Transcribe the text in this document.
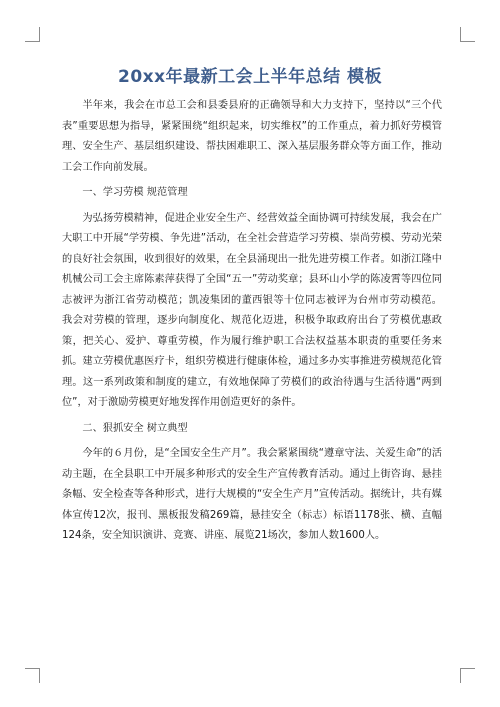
20xx年最新工会上半年总结 模板

半年来，我会在市总工会和县委县府的正确领导和大力支持下，坚持以“三个代表”重要思想为指导，紧紧围绕“组织起来，切实维权”的工作重点，着力抓好劳模管理、安全生产、基层组织建设、帮扶困难职工、深入基层服务群众等方面工作，推动工会工作向前发展。

一、学习劳模 规范管理

为弘扬劳模精神，促进企业安全生产、经营效益全面协调可持续发展，我会在广大职工中开展“学劳模、争先进”活动，在全社会营造学习劳模、崇尚劳模、劳动光荣的良好社会氛围，收到很好的效果，在全县涌现出一批先进劳模工作者。如浙江隆中机械公司工会主席陈素萍获得了全国“五一”劳动奖章；县环山小学的陈凌霄等四位同志被评为浙江省劳动模范；凯凌集团的董西银等十位同志被评为台州市劳动模范。 我会对劳模的管理，逐步向制度化、规范化迈进，积极争取政府出台了劳模优惠政策，把关心、爱护、尊重劳模，作为履行维护职工合法权益基本职责的重要任务来抓。建立劳模优惠医疗卡，组织劳模进行健康体检，通过多办实事推进劳模规范化管理。这一系列政策和制度的建立，有效地保障了劳模们的政治待遇与生活待遇“两到位”，对于激励劳模更好地发挥作用创造更好的条件。

二、狠抓安全 树立典型

今年的６月份，是“全国安全生产月”。我会紧紧围绕“遵章守法、关爱生命”的活动主题，在全县职工中开展多种形式的安全生产宣传教育活动。通过上街咨询、悬挂条幅、安全检查等各种形式，进行大规模的“安全生产月”宣传活动。据统计，共有媒体宣传12次，报刊、黑板报发稿269篇，悬挂安全（标志）标语1178张、横、直幅124条，安全知识演讲、竞赛、讲座、展览21场次，参加人数1600人。
